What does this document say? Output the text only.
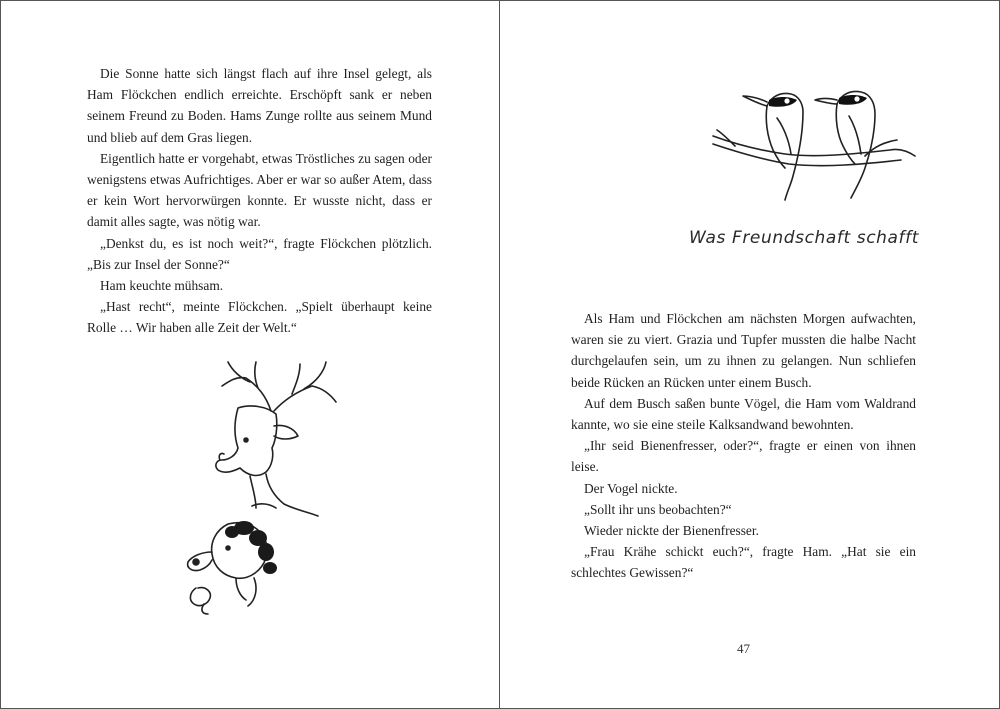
Die Sonne hatte sich längst flach auf ihre Insel gelegt, als Ham Flöckchen endlich erreichte. Erschöpft sank er neben seinem Freund zu Boden. Hams Zunge rollte aus seinem Mund und blieb auf dem Gras liegen.

Eigentlich hatte er vorgehabt, etwas Tröstliches zu sagen oder wenigstens etwas Aufrichtiges. Aber er war so außer Atem, dass er kein Wort hervorwürgen konnte. Er wusste nicht, dass er damit alles sagte, was nötig war.

„Denkst du, es ist noch weit?“, fragte Flöckchen plötzlich. „Bis zur Insel der Sonne?“

Ham keuchte mühsam.

„Hast recht“, meinte Flöckchen. „Spielt überhaupt keine Rolle … Wir haben alle Zeit der Welt.“

Was Freundschaft schafft

Als Ham und Flöckchen am nächsten Morgen aufwachten, waren sie zu viert. Grazia und Tupfer mussten die halbe Nacht durchgelaufen sein, um zu ihnen zu gelangen. Nun schliefen beide Rücken an Rücken unter einem Busch.

Auf dem Busch saßen bunte Vögel, die Ham vom Waldrand kannte, wo sie eine steile Kalksandwand bewohnten.

„Ihr seid Bienenfresser, oder?“, fragte er einen von ihnen leise.

Der Vogel nickte.

„Sollt ihr uns beobachten?“

Wieder nickte der Bienenfresser.

„Frau Krähe schickt euch?“, fragte Ham. „Hat sie ein schlechtes Gewissen?“

47
